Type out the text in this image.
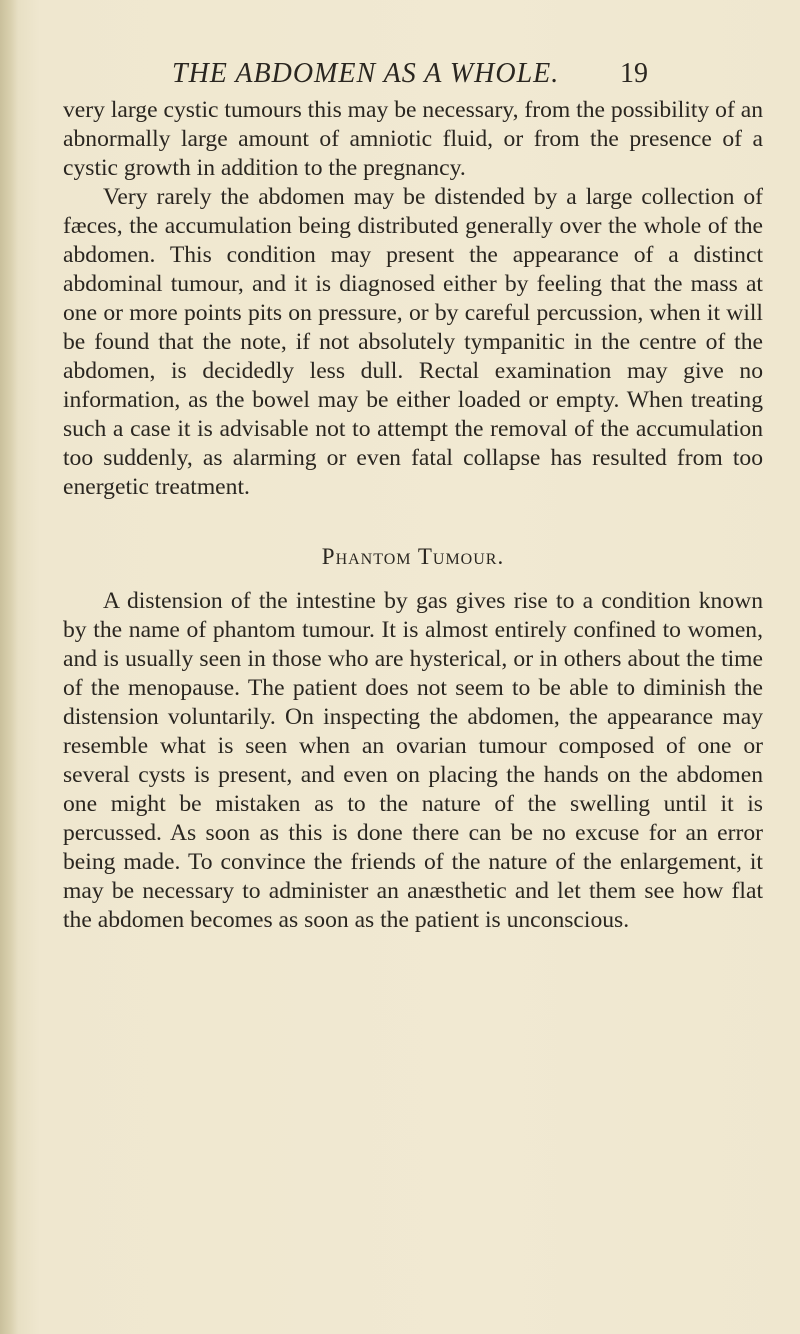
THE ABDOMEN AS A WHOLE. 19

very large cystic tumours this may be necessary, from the possibility of an abnormally large amount of amniotic fluid, or from the presence of a cystic growth in addition to the pregnancy.

Very rarely the abdomen may be distended by a large collection of fæces, the accumulation being distributed generally over the whole of the abdomen. This condition may present the appearance of a distinct abdominal tumour, and it is diagnosed either by feeling that the mass at one or more points pits on pressure, or by careful percussion, when it will be found that the note, if not absolutely tympanitic in the centre of the abdomen, is decidedly less dull. Rectal examination may give no information, as the bowel may be either loaded or empty. When treating such a case it is advisable not to attempt the removal of the accumulation too suddenly, as alarming or even fatal collapse has resulted from too energetic treatment.

Phantom Tumour.

A distension of the intestine by gas gives rise to a condition known by the name of phantom tumour. It is almost entirely confined to women, and is usually seen in those who are hysterical, or in others about the time of the menopause. The patient does not seem to be able to diminish the distension voluntarily. On inspecting the abdomen, the appearance may resemble what is seen when an ovarian tumour composed of one or several cysts is present, and even on placing the hands on the abdomen one might be mistaken as to the nature of the swelling until it is percussed. As soon as this is done there can be no excuse for an error being made. To convince the friends of the nature of the enlargement, it may be necessary to administer an anæsthetic and let them see how flat the abdomen becomes as soon as the patient is unconscious.
